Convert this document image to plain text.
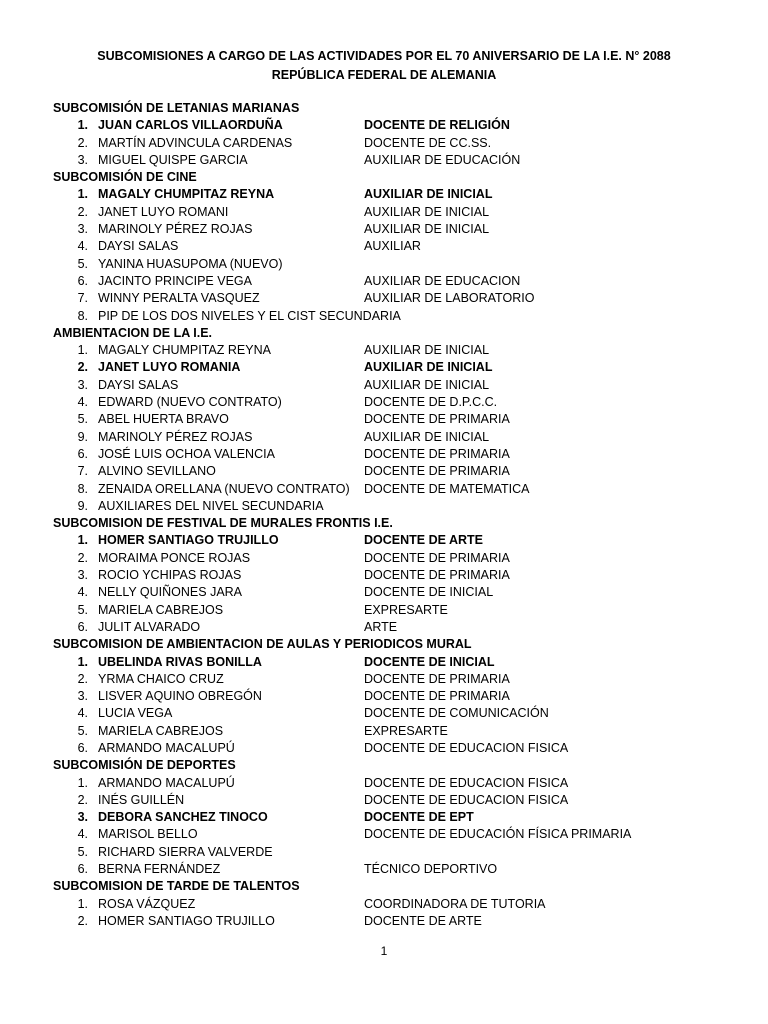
SUBCOMISIONES A CARGO DE LAS ACTIVIDADES POR EL 70 ANIVERSARIO DE LA I.E. N° 2088
REPÚBLICA FEDERAL DE ALEMANIA
SUBCOMISIÓN DE LETANIAS MARIANAS
1. JUAN CARLOS VILLAORDUÑA	DOCENTE DE RELIGIÓN
2. MARTÍN ADVINCULA CARDENAS	DOCENTE DE CC.SS.
3. MIGUEL QUISPE GARCIA	AUXILIAR DE EDUCACIÓN
SUBCOMISIÓN DE CINE
1. MAGALY CHUMPITAZ REYNA	AUXILIAR DE INICIAL
2. JANET LUYO ROMANI	AUXILIAR DE INICIAL
3. MARINOLY PÉREZ ROJAS	AUXILIAR DE INICIAL
4. DAYSI SALAS	AUXILIAR
5. YANINA HUASUPOMA (NUEVO)
6. JACINTO PRINCIPE VEGA	AUXILIAR DE EDUCACION
7. WINNY PERALTA VASQUEZ	AUXILIAR DE LABORATORIO
8. PIP DE LOS DOS NIVELES Y EL CIST SECUNDARIA
AMBIENTACION DE LA I.E.
1. MAGALY CHUMPITAZ REYNA	AUXILIAR DE INICIAL
2. JANET LUYO ROMANIA	AUXILIAR DE INICIAL
3. DAYSI SALAS	AUXILIAR DE INICIAL
4. EDWARD (NUEVO CONTRATO)	DOCENTE DE D.P.C.C.
5. ABEL HUERTA BRAVO	DOCENTE DE PRIMARIA
9. MARINOLY PÉREZ ROJAS	AUXILIAR DE INICIAL
6. JOSÉ LUIS OCHOA VALENCIA	DOCENTE DE PRIMARIA
7. ALVINO SEVILLANO	DOCENTE DE PRIMARIA
8. ZENAIDA ORELLANA (NUEVO CONTRATO) DOCENTE DE MATEMATICA
9. AUXILIARES DEL NIVEL SECUNDARIA
SUBCOMISION DE FESTIVAL DE MURALES FRONTIS I.E.
1. HOMER SANTIAGO TRUJILLO	DOCENTE DE ARTE
2. MORAIMA PONCE ROJAS	DOCENTE DE PRIMARIA
3. ROCIO YCHIPAS ROJAS	DOCENTE DE PRIMARIA
4. NELLY QUIÑONES JARA	DOCENTE DE INICIAL
5. MARIELA CABREJOS	EXPRESARTE
6. JULIT ALVARADO	ARTE
SUBCOMISION DE AMBIENTACION DE AULAS Y PERIODICOS MURAL
1. UBELINDA RIVAS BONILLA	DOCENTE DE INICIAL
2. YRMA CHAICO CRUZ	DOCENTE DE PRIMARIA
3. LISVER AQUINO OBREGÓN	DOCENTE DE PRIMARIA
4. LUCIA VEGA	DOCENTE DE COMUNICACIÓN
5. MARIELA CABREJOS	EXPRESARTE
6. ARMANDO MACALUPÚ	DOCENTE DE EDUCACION FISICA
SUBCOMISIÓN DE DEPORTES
1. ARMANDO MACALUPÚ	DOCENTE DE EDUCACION FISICA
2. INÉS GUILLÉN	DOCENTE DE EDUCACION FISICA
3. DEBORA SANCHEZ TINOCO	DOCENTE DE EPT
4. MARISOL BELLO	DOCENTE DE EDUCACIÓN FÍSICA PRIMARIA
5. RICHARD SIERRA VALVERDE
6. BERNA FERNÁNDEZ	TÉCNICO DEPORTIVO
SUBCOMISION DE TARDE DE TALENTOS
1. ROSA VÁZQUEZ	COORDINADORA DE TUTORIA
2. HOMER SANTIAGO TRUJILLO	DOCENTE DE ARTE
1
